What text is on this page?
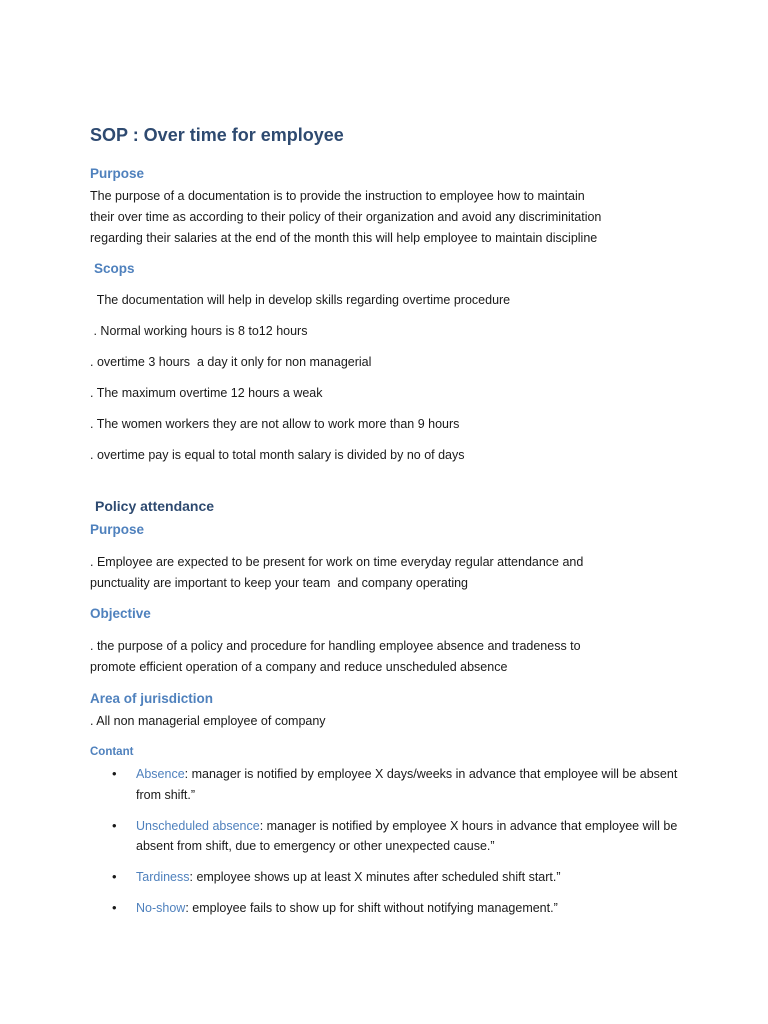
SOP : Over time for employee
Purpose
The purpose of a documentation is to provide the instruction to employee how to maintain
their over time as according to their policy of their organization and avoid any discriminitation
regarding their salaries at the end of the month this will help employee to maintain discipline
Scops
The documentation will help in develop skills regarding overtime procedure
. Normal working hours is 8 to12 hours
. overtime 3 hours  a day it only for non managerial
. The maximum overtime 12 hours a weak
. The women workers they are not allow to work more than 9 hours
. overtime pay is equal to total month salary is divided by no of days
Policy attendance
Purpose
. Employee are expected to be present for work on time everyday regular attendance and
punctuality are important to keep your team  and company operating
Objective
. the purpose of a policy and procedure for handling employee absence and tradeness to
promote efficient operation of a company and reduce unscheduled absence
Area of jurisdiction
. All non managerial employee of company
Contant
• Absence: manager is notified by employee X days/weeks in advance that employee will be absent from shift.”
• Unscheduled absence: manager is notified by employee X hours in advance that employee will be absent from shift, due to emergency or other unexpected cause.”
• Tardiness: employee shows up at least X minutes after scheduled shift start.”
• No-show: employee fails to show up for shift without notifying management.”
